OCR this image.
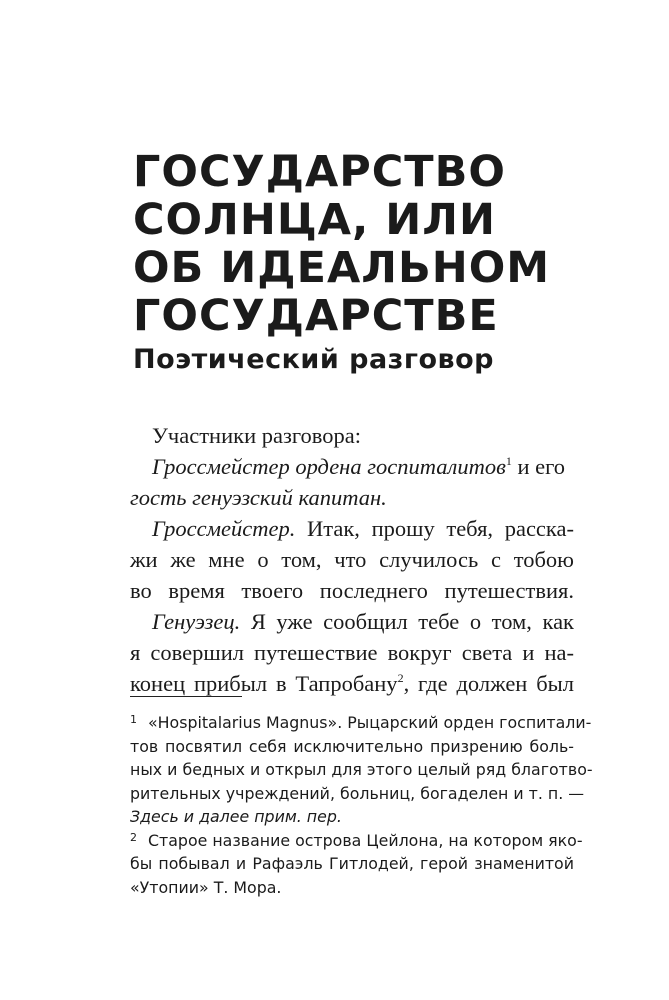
ГОСУДАРСТВО
СОЛНЦА, ИЛИ
ОБ ИДЕАЛЬНОМ
ГОСУДАРСТВЕ
Поэтический разговор
Участники разговора:
Гроссмейстер ордена госпиталитов$^1$ и его
гость генуэзский капитан.
Гроссмейстер. Итак, прошу тебя, расска-
жи же мне о том, что случилось с тобою
во время твоего последнего путешествия.
Генуэзец. Я уже сообщил тебе о том, как
я совершил путешествие вокруг света и на-
конец прибыл в Тапробану$^2$, где должен был
1 «Hospitalarius Magnus». Рыцарский орден госпитали-
тов посвятил себя исключительно призрению боль-
ных и бедных и открыл для этого целый ряд благотво-
рительных учреждений, больниц, богаделен и т. п. —
Здесь и далее прим. пер.
2 Старое название острова Цейлона, на котором яко-
бы побывал и Рафаэль Гитлодей, герой знаменитой
«Утопии» Т. Мора.
